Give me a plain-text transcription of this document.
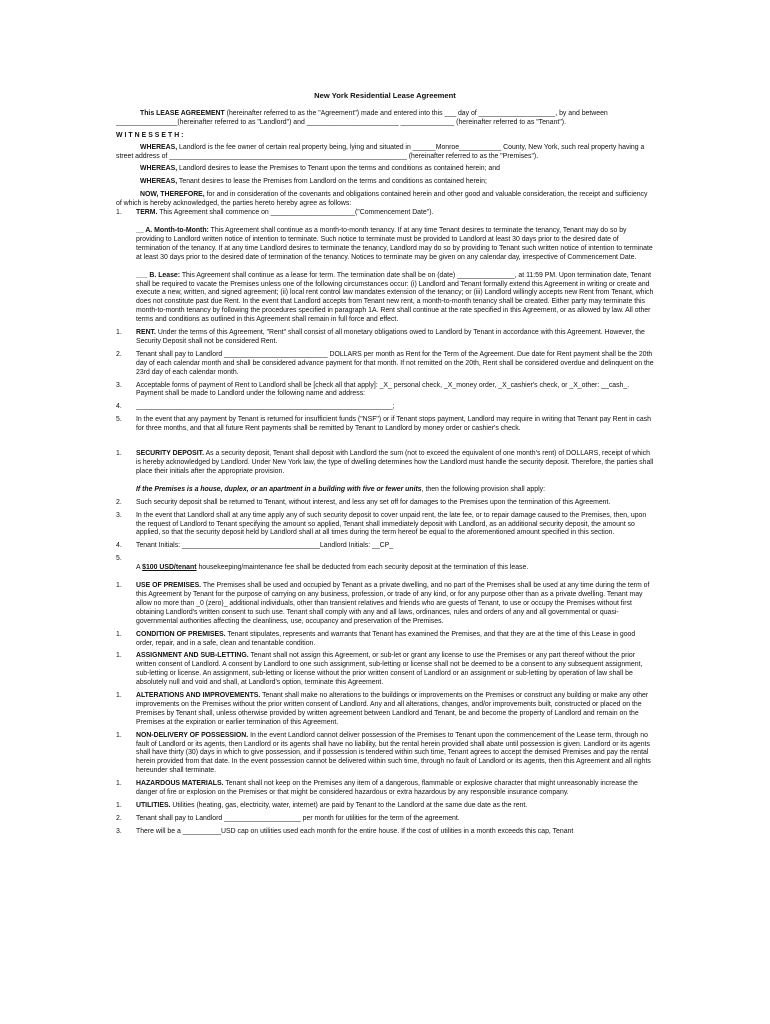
New York Residential Lease Agreement

This LEASE AGREEMENT (hereinafter referred to as the "Agreement") made and entered into this ___ day of ____________________, by and between ________________(hereinafter referred to as "Landlord") and ________________________ ______________ (hereinafter referred to as "Tenant").

WITNESSETH:

WHEREAS, Landlord is the fee owner of certain real property being, lying and situated in ______Monroe___________ County, New York, such real property having a street address of ______________________________________________________________ (hereinafter referred to as the "Premises").

WHEREAS, Landlord desires to lease the Premises to Tenant upon the terms and conditions as contained herein; and

WHEREAS, Tenant desires to lease the Premises from Landlord on the terms and conditions as contained herein;

NOW, THEREFORE, for and in consideration of the covenants and obligations contained herein and other good and valuable consideration, the receipt and sufficiency of which is hereby acknowledged, the parties hereto hereby agree as follows:

1.	TERM. This Agreement shall commence on ______________________("Commencement Date").

__ A. Month-to-Month: This Agreement shall continue as a month-to-month tenancy. If at any time Tenant desires to terminate the tenancy, Tenant may do so by providing to Landlord written notice of intention to terminate. Such notice to terminate must be provided to Landlord at least 30 days prior to the desired date of termination of the tenancy. If at any time Landlord desires to terminate the tenancy, Landlord may do so by providing to Tenant such written notice of intention to terminate at least 30 days prior to the desired date of termination of the tenancy. Notices to terminate may be given on any calendar day, irrespective of Commencement Date.

___ B. Lease: This Agreement shall continue as a lease for term. The termination date shall be on (date) _______________, at 11:59 PM. Upon termination date, Tenant shall be required to vacate the Premises unless one of the following circumstances occur: (i) Landlord and Tenant formally extend this Agreement in writing or create and execute a new, written, and signed agreement; (ii) local rent control law mandates extension of the tenancy; or (iii) Landlord willingly accepts new Rent from Tenant, which does not constitute past due Rent. In the event that Landlord accepts from Tenant new rent, a month-to-month tenancy shall be created. Either party may terminate this month-to-month tenancy by following the procedures specified in paragraph 1A. Rent shall continue at the rate specified in this Agreement, or as allowed by law. All other terms and conditions as outlined in this Agreement shall remain in full force and effect.

1.	RENT. Under the terms of this Agreement, "Rent" shall consist of all monetary obligations owed to Landlord by Tenant in accordance with this Agreement. However, the Security Deposit shall not be considered Rent.
2.	Tenant shall pay to Landlord ___________________________ DOLLARS per month as Rent for the Term of the Agreement. Due date for Rent payment shall be the 20th day of each calendar month and shall be considered advance payment for that month. If not remitted on the 20th, Rent shall be considered overdue and delinquent on the 23rd day of each calendar month.
3.	Acceptable forms of payment of Rent to Landlord shall be [check all that apply]: _X_ personal check, _X_money order, _X_cashier's check, or _X_other: __cash_. Payment shall be made to Landlord under the following name and address:
4.	___________________________________________________________________;
5.	In the event that any payment by Tenant is returned for insufficient funds ("NSF") or if Tenant stops payment, Landlord may require in writing that Tenant pay Rent in cash for three months, and that all future Rent payments shall be remitted by Tenant to Landlord by money order or cashier's check.
1.	SECURITY DEPOSIT. As a security deposit, Tenant shall deposit with Landlord the sum (not to exceed the equivalent of one month's rent) of DOLLARS, receipt of which is hereby acknowledged by Landlord. Under New York law, the type of dwelling determines how the Landlord must handle the security deposit. Therefore, the parties shall place their initials after the appropriate provision.

If the Premises is a house, duplex, or an apartment in a building with five or fewer units, then the following provision shall apply:

2.	Such security deposit shall be returned to Tenant, without interest, and less any set off for damages to the Premises upon the termination of this Agreement.
3.	In the event that Landlord shall at any time apply any of such security deposit to cover unpaid rent, the late fee, or to repair damage caused to the Premises, then, upon the request of Landlord to Tenant specifying the amount so applied, Tenant shall immediately deposit with Landlord, as an additional security deposit, the amount so applied, so that the security deposit held by Landlord shall at all times during the term hereof be equal to the aforementioned amount specified in this section.
4.	Tenant Initials: ____________________________________Landlord Initials: __CP_
5.

A $100 USD/tenant housekeeping/maintenance fee shall be deducted from each security deposit at the termination of this lease.

1.	USE OF PREMISES. The Premises shall be used and occupied by Tenant as a private dwelling, and no part of the Premises shall be used at any time during the term of this Agreement by Tenant for the purpose of carrying on any business, profession, or trade of any kind, or for any purpose other than as a private dwelling. Tenant may allow no more than _0 (zero)_ additional individuals, other than transient relatives and friends who are guests of Tenant, to use or occupy the Premises without first obtaining Landlord's written consent to such use. Tenant shall comply with any and all laws, ordinances, rules and orders of any and all governmental or quasi-governmental authorities affecting the cleanliness, use, occupancy and preservation of the Premises.
1.	CONDITION OF PREMISES. Tenant stipulates, represents and warrants that Tenant has examined the Premises, and that they are at the time of this Lease in good order, repair, and in a safe, clean and tenantable condition.
1.	ASSIGNMENT AND SUB-LETTING. Tenant shall not assign this Agreement, or sub-let or grant any license to use the Premises or any part thereof without the prior written consent of Landlord. A consent by Landlord to one such assignment, sub-letting or license shall not be deemed to be a consent to any subsequent assignment, sub-letting or license. An assignment, sub-letting or license without the prior written consent of Landlord or an assignment or sub-letting by operation of law shall be absolutely null and void and shall, at Landlord's option, terminate this Agreement.
1.	ALTERATIONS AND IMPROVEMENTS. Tenant shall make no alterations to the buildings or improvements on the Premises or construct any building or make any other improvements on the Premises without the prior written consent of Landlord. Any and all alterations, changes, and/or improvements built, constructed or placed on the Premises by Tenant shall, unless otherwise provided by written agreement between Landlord and Tenant, be and become the property of Landlord and remain on the Premises at the expiration or earlier termination of this Agreement.
1.	NON-DELIVERY OF POSSESSION. In the event Landlord cannot deliver possession of the Premises to Tenant upon the commencement of the Lease term, through no fault of Landlord or its agents, then Landlord or its agents shall have no liability, but the rental herein provided shall abate until possession is given. Landlord or its agents shall have thirty (30) days in which to give possession, and if possession is tendered within such time, Tenant agrees to accept the demised Premises and pay the rental herein provided from that date. In the event possession cannot be delivered within such time, through no fault of Landlord or its agents, then this Agreement and all rights hereunder shall terminate.
1.	HAZARDOUS MATERIALS. Tenant shall not keep on the Premises any item of a dangerous, flammable or explosive character that might unreasonably increase the danger of fire or explosion on the Premises or that might be considered hazardous or extra hazardous by any responsible insurance company.
1.	UTILITIES. Utilities (heating, gas, electricity, water, internet) are paid by Tenant to the Landlord at the same due date as the rent.
2.	Tenant shall pay to Landlord ____________________ per month for utilities for the term of the agreement.
3.	There will be a __________USD cap on utilities used each month for the entire house. If the cost of utilities in a month exceeds this cap, Tenant
